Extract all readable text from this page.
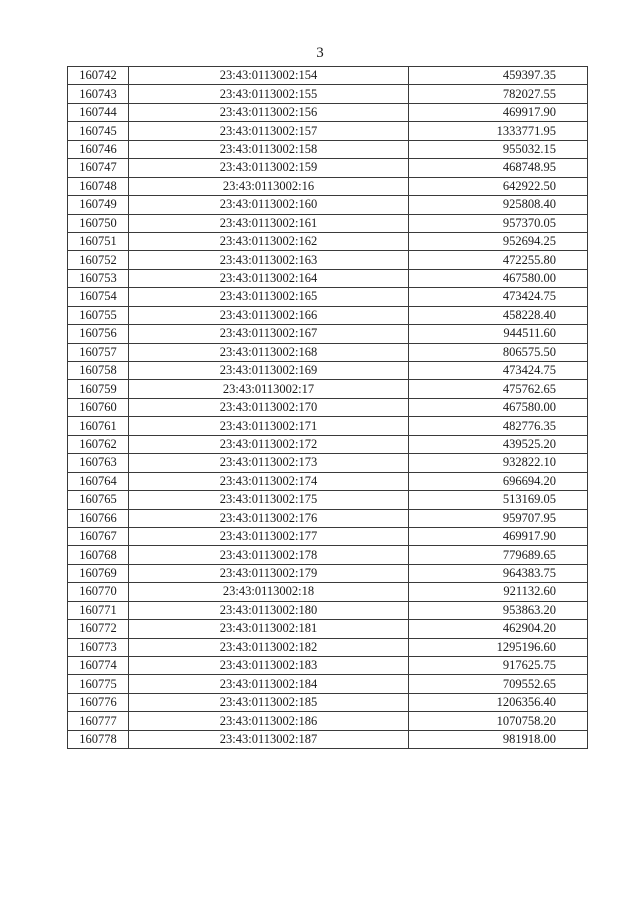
3
160742	23:43:0113002:154	459397.35
160743	23:43:0113002:155	782027.55
160744	23:43:0113002:156	469917.90
160745	23:43:0113002:157	1333771.95
160746	23:43:0113002:158	955032.15
160747	23:43:0113002:159	468748.95
160748	23:43:0113002:16	642922.50
160749	23:43:0113002:160	925808.40
160750	23:43:0113002:161	957370.05
160751	23:43:0113002:162	952694.25
160752	23:43:0113002:163	472255.80
160753	23:43:0113002:164	467580.00
160754	23:43:0113002:165	473424.75
160755	23:43:0113002:166	458228.40
160756	23:43:0113002:167	944511.60
160757	23:43:0113002:168	806575.50
160758	23:43:0113002:169	473424.75
160759	23:43:0113002:17	475762.65
160760	23:43:0113002:170	467580.00
160761	23:43:0113002:171	482776.35
160762	23:43:0113002:172	439525.20
160763	23:43:0113002:173	932822.10
160764	23:43:0113002:174	696694.20
160765	23:43:0113002:175	513169.05
160766	23:43:0113002:176	959707.95
160767	23:43:0113002:177	469917.90
160768	23:43:0113002:178	779689.65
160769	23:43:0113002:179	964383.75
160770	23:43:0113002:18	921132.60
160771	23:43:0113002:180	953863.20
160772	23:43:0113002:181	462904.20
160773	23:43:0113002:182	1295196.60
160774	23:43:0113002:183	917625.75
160775	23:43:0113002:184	709552.65
160776	23:43:0113002:185	1206356.40
160777	23:43:0113002:186	1070758.20
160778	23:43:0113002:187	981918.00
